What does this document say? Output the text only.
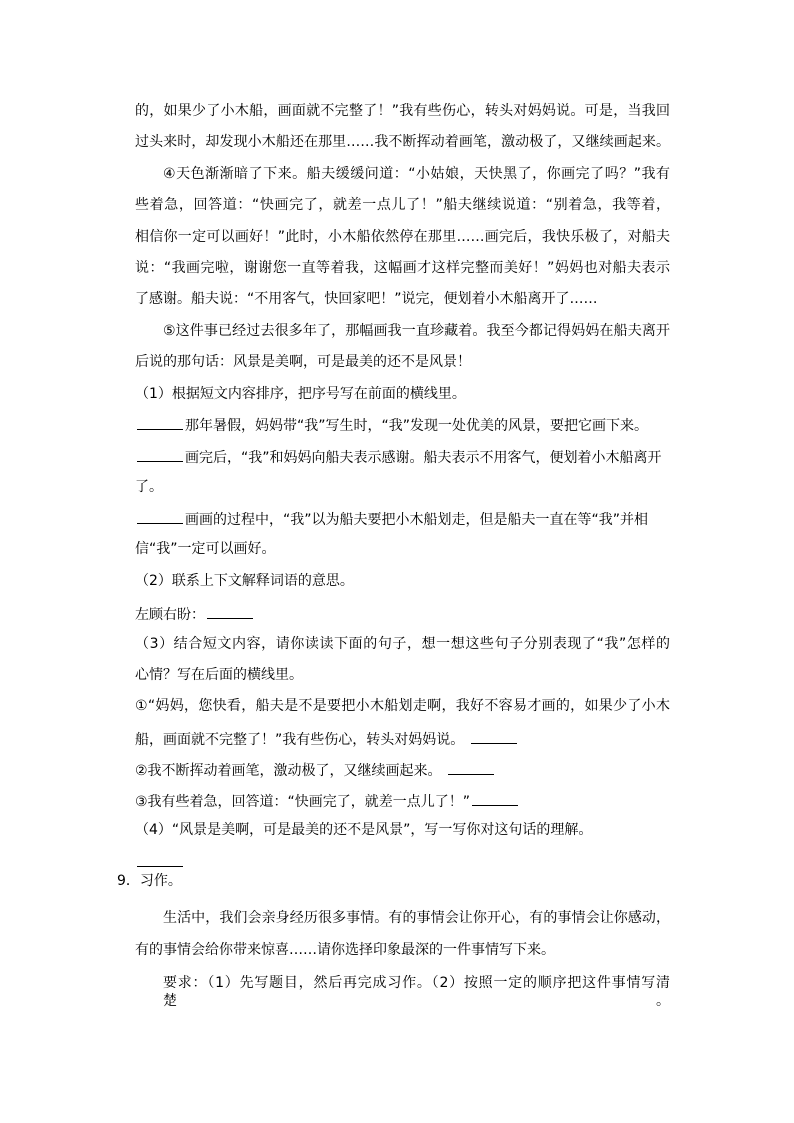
的，如果少了小木船，画面就不完整了！”我有些伤心，转头对妈妈说。可是，当我回
过头来时，却发现小木船还在那里……我不断挥动着画笔，激动极了，又继续画起来。
④天色渐渐暗了下来。船夫缓缓问道：“小姑娘，天快黑了，你画完了吗？”我有
些着急，回答道：“快画完了，就差一点儿了！”船夫继续说道：“别着急，我等着，
相信你一定可以画好！”此时，小木船依然停在那里……画完后，我快乐极了，对船夫
说：“我画完啦，谢谢您一直等着我，这幅画才这样完整而美好！”妈妈也对船夫表示
了感谢。船夫说：“不用客气，快回家吧！”说完，便划着小木船离开了……
⑤这件事已经过去很多年了，那幅画我一直珍藏着。我至今都记得妈妈在船夫离开
后说的那句话：风景是美啊，可是最美的还不是风景！
（1）根据短文内容排序，把序号写在前面的横线里。
那年暑假，妈妈带“我”写生时，“我”发现一处优美的风景，要把它画下来。
画完后，“我”和妈妈向船夫表示感谢。船夫表示不用客气，便划着小木船离开
了。
画画的过程中，“我”以为船夫要把小木船划走，但是船夫一直在等“我”并相
信“我”一定可以画好。
（2）联系上下文解释词语的意思。
左顾右盼：
（3）结合短文内容，请你读读下面的句子，想一想这些句子分别表现了“我”怎样的
心情？写在后面的横线里。
①“妈妈，您快看，船夫是不是要把小木船划走啊，我好不容易才画的，如果少了小木
船，画面就不完整了！”我有些伤心，转头对妈妈说。
②我不断挥动着画笔，激动极了，又继续画起来。
③我有些着急，回答道：“快画完了，就差一点儿了！”
（4）“风景是美啊，可是最美的还不是风景”，写一写你对这句话的理解。
9．习作。
生活中，我们会亲身经历很多事情。有的事情会让你开心，有的事情会让你感动，
有的事情会给你带来惊喜……请你选择印象最深的一件事情写下来。
要求：（1）先写题目，然后再完成习作。（2）按照一定的顺序把这件事情写清楚。
